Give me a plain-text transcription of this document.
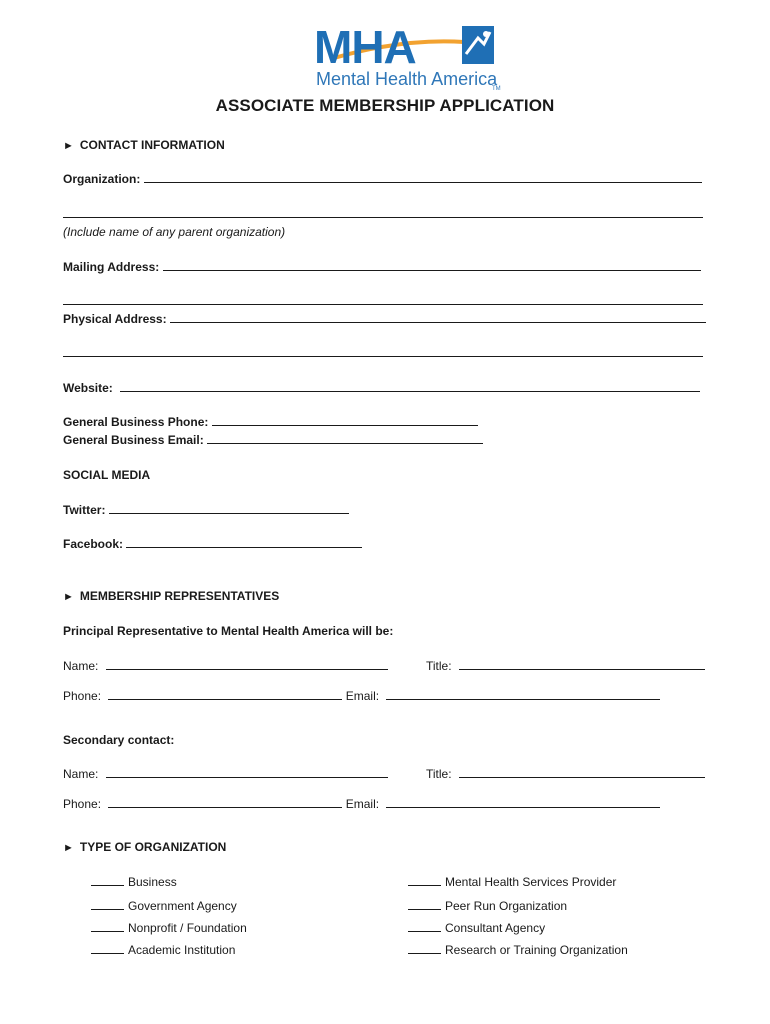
MHA
Mental Health America
TM
ASSOCIATE MEMBERSHIP APPLICATION
► CONTACT INFORMATION
Organization:
(Include name of any parent organization)
Mailing Address:
Physical Address:
Website:
General Business Phone:
General Business Email:
SOCIAL MEDIA
Twitter:
Facebook:
► MEMBERSHIP REPRESENTATIVES
Principal Representative to Mental Health America will be:
Name:	Title:
Phone:	Email:
Secondary contact:
Name:	Title:
Phone:	Email:
► TYPE OF ORGANIZATION
Business
Government Agency
Nonprofit / Foundation
Academic Institution
Mental Health Services Provider
Peer Run Organization
Consultant Agency
Research or Training Organization
